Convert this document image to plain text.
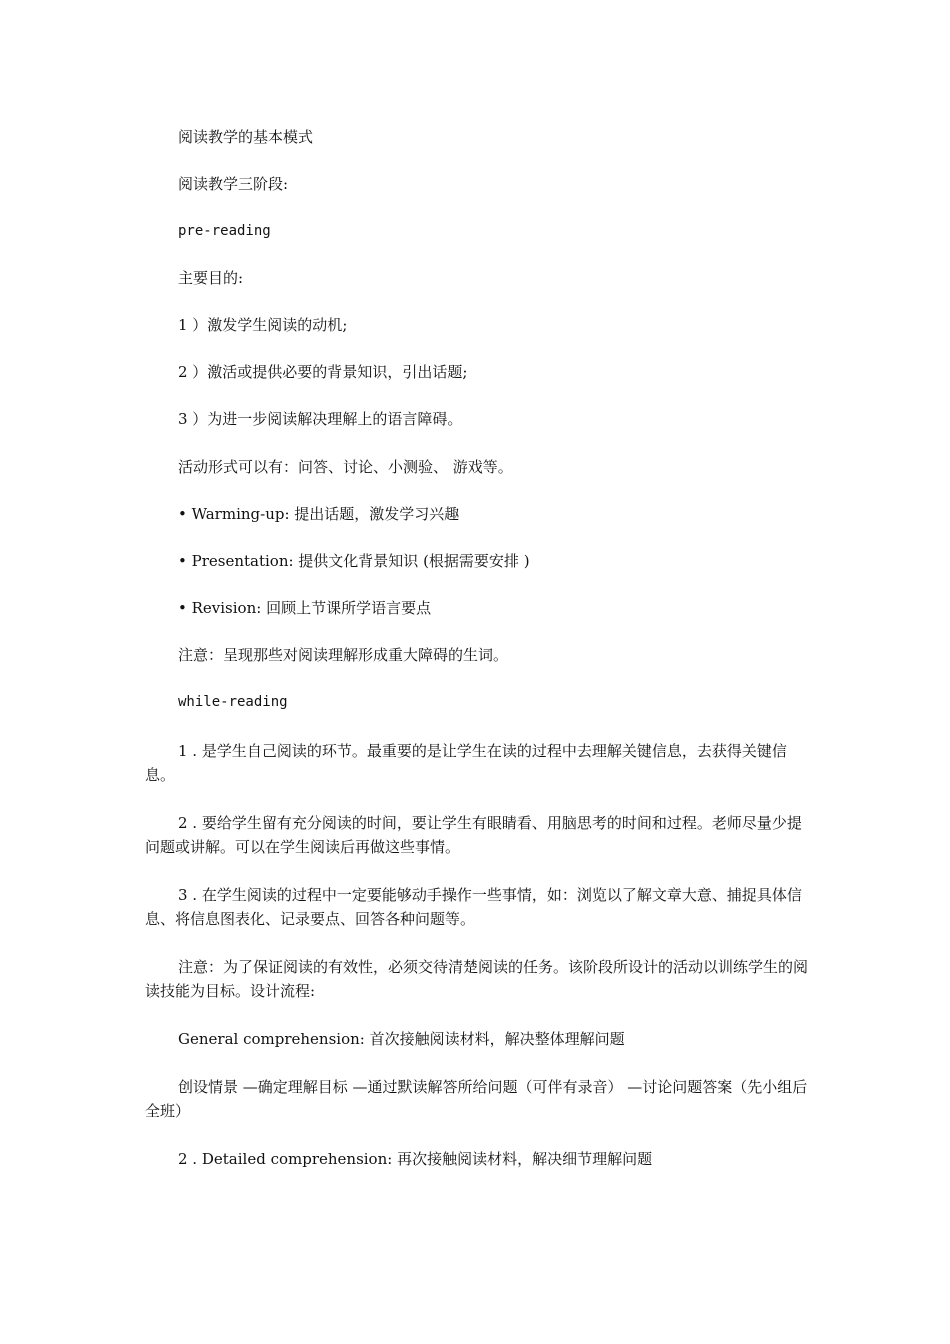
阅读教学的基本模式
阅读教学三阶段:
pre-reading
主要目的:
1 ）激发学生阅读的动机;
2 ）激活或提供必要的背景知识，引出话题;
3 ）为进一步阅读解决理解上的语言障碍。
活动形式可以有：问答、讨论、小测验、 游戏等。
• Warming-up: 提出话题，激发学习兴趣
• Presentation: 提供文化背景知识 (根据需要安排 )
• Revision: 回顾上节课所学语言要点
注意：呈现那些对阅读理解形成重大障碍的生词。
while-reading
1 . 是学生自己阅读的环节。最重要的是让学生在读的过程中去理解关键信息，去获得关键信息。
2 . 要给学生留有充分阅读的时间，要让学生有眼睛看、用脑思考的时间和过程。老师尽量少提问题或讲解。可以在学生阅读后再做这些事情。
3 . 在学生阅读的过程中一定要能够动手操作一些事情，如：浏览以了解文章大意、捕捉具体信息、将信息图表化、记录要点、回答各种问题等。
注意：为了保证阅读的有效性，必须交待清楚阅读的任务。该阶段所设计的活动以训练学生的阅读技能为目标。设计流程:
General comprehension: 首次接触阅读材料，解决整体理解问题
创设情景 —确定理解目标 —通过默读解答所给问题（可伴有录音） —讨论问题答案（先小组后全班）
2 . Detailed comprehension: 再次接触阅读材料，解决细节理解问题
